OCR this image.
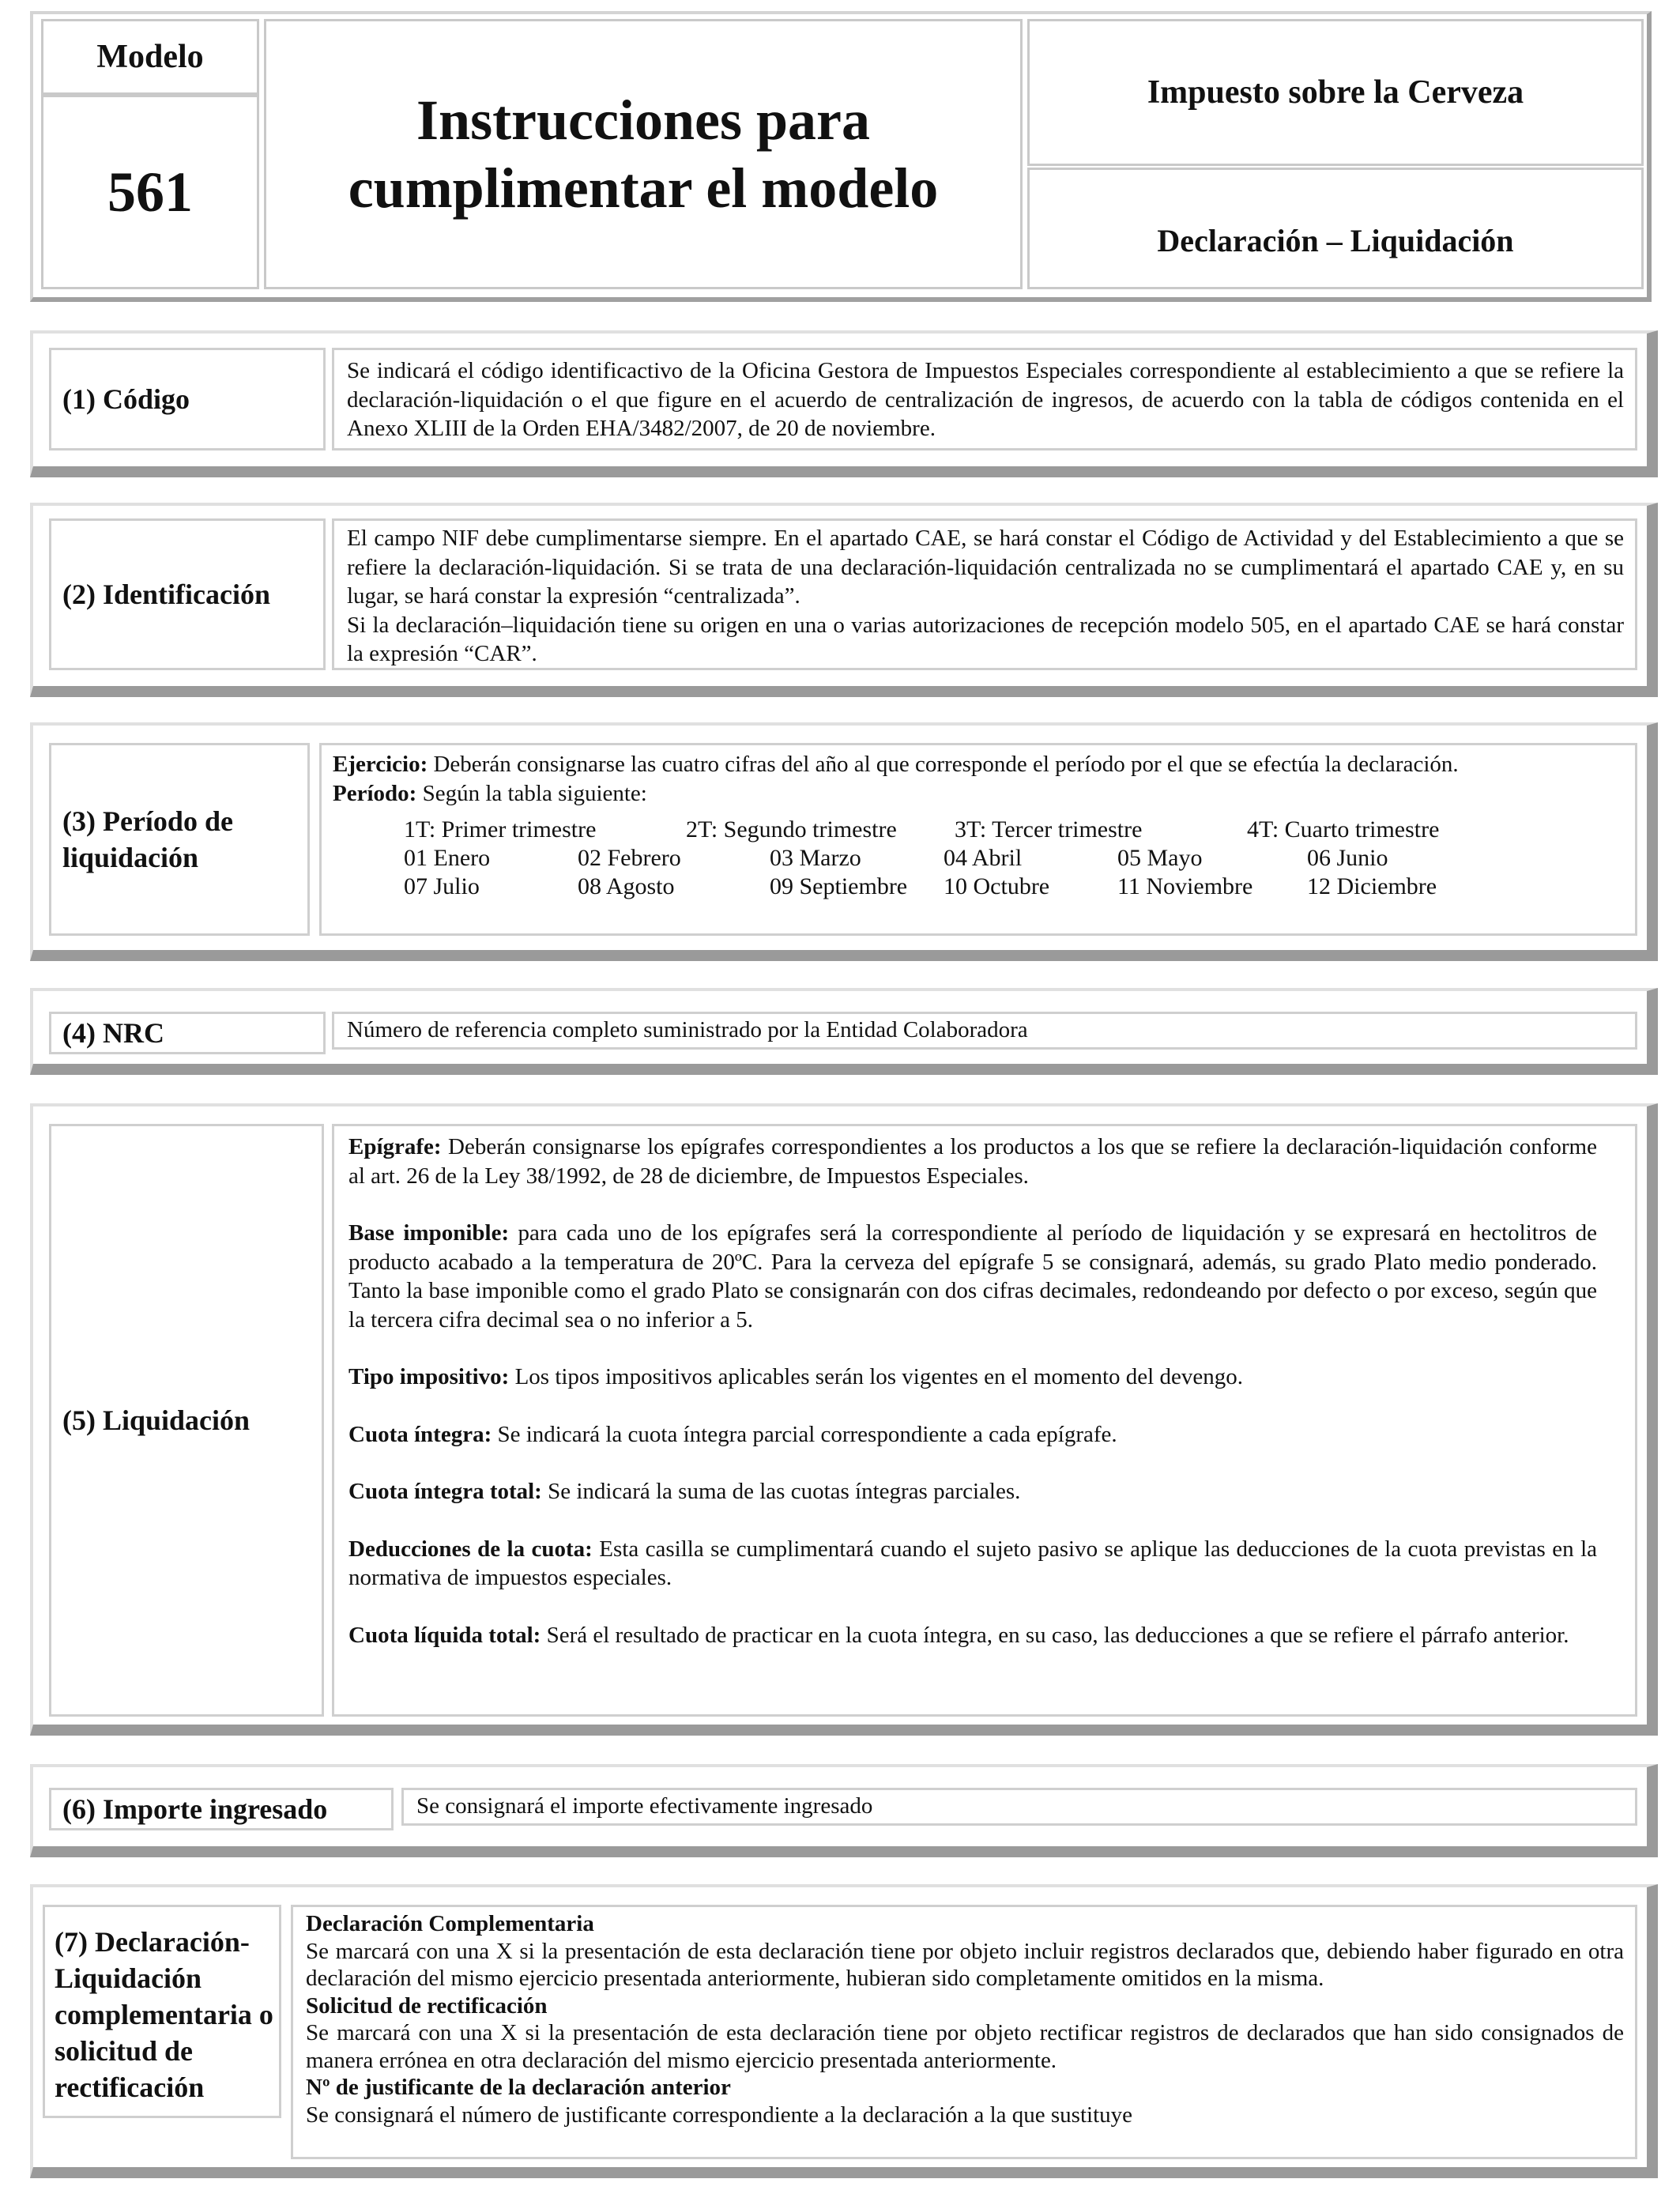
Modelo
561
Instrucciones para
cumplimentar el modelo
Impuesto sobre la Cerveza
Declaración – Liquidación
(1) Código
Se indicará el código identificactivo de la Oficina Gestora de Impuestos Especiales correspondiente al establecimiento a que se refiere la declaración-liquidación o el que figure en el acuerdo de centralización de ingresos, de acuerdo con la tabla de códigos contenida en el Anexo XLIII de la Orden EHA/3482/2007, de 20 de noviembre.
(2) Identificación

El campo NIF debe cumplimentarse siempre. En el apartado CAE, se hará constar el Código de Actividad y del Establecimiento a que se refiere la declaración-liquidación. Si se trata de una declaración-liquidación centralizada no se cumplimentará el apartado CAE y, en su lugar, se hará constar la expresión “centralizada”.

Si la declaración–liquidación tiene su origen en una o varias autorizaciones de recepción modelo 505, en el apartado CAE se hará constar la expresión “CAR”.

(3) Período de liquidación

Ejercicio: Deberán consignarse las cuatro cifras del año al que corresponde el período por el que se efectúa la declaración.

Período: Según la tabla siguiente:

1T: Primer trimestre	2T: Segundo trimestre	3T: Tercer trimestre	4T: Cuarto trimestre
01 Enero	02 Febrero	03 Marzo	04 Abril	05 Mayo	06 Junio
07 Julio	08 Agosto	09 Septiembre	10 Octubre	11 Noviembre	12 Diciembre
(4) NRC	Número de referencia completo suministrado por la Entidad Colaboradora
(5) Liquidación

Epígrafe: Deberán consignarse los epígrafes correspondientes a los productos a los que se refiere la declaración-liquidación conforme al art. 26 de la Ley 38/1992, de 28 de diciembre, de Impuestos Especiales.

Base imponible: para cada uno de los epígrafes será la correspondiente al período de liquidación y se expresará en hectolitros de producto acabado a la temperatura de 20ºC. Para la cerveza del epígrafe 5 se consignará, además, su grado Plato medio ponderado. Tanto la base imponible como el grado Plato se consignarán con dos cifras decimales, redondeando por defecto o por exceso, según que la tercera cifra decimal sea o no inferior a 5.

Tipo impositivo: Los tipos impositivos aplicables serán los vigentes en el momento del devengo.

Cuota íntegra: Se indicará la cuota íntegra parcial correspondiente a cada epígrafe.

Cuota íntegra total: Se indicará la suma de las cuotas íntegras parciales.

Deducciones de la cuota: Esta casilla se cumplimentará cuando el sujeto pasivo se aplique las deducciones de la cuota previstas en la normativa de impuestos especiales.

Cuota líquida total: Será el resultado de practicar en la cuota íntegra, en su caso, las deducciones a que se refiere el párrafo anterior.

(6) Importe ingresado	Se consignará el importe efectivamente ingresado
(7) Declaración-Liquidación complementaria o solicitud de rectificación

Declaración Complementaria

Se marcará con una X si la presentación de esta declaración tiene por objeto incluir registros declarados que, debiendo haber figurado en otra declaración del mismo ejercicio presentada anteriormente, hubieran sido completamente omitidos en la misma.

Solicitud de rectificación

Se marcará con una X si la presentación de esta declaración tiene por objeto rectificar registros de declarados que han sido consignados de manera errónea en otra declaración del mismo ejercicio presentada anteriormente.

Nº de justificante de la declaración anterior

Se consignará el número de justificante correspondiente a la declaración a la que sustituye
